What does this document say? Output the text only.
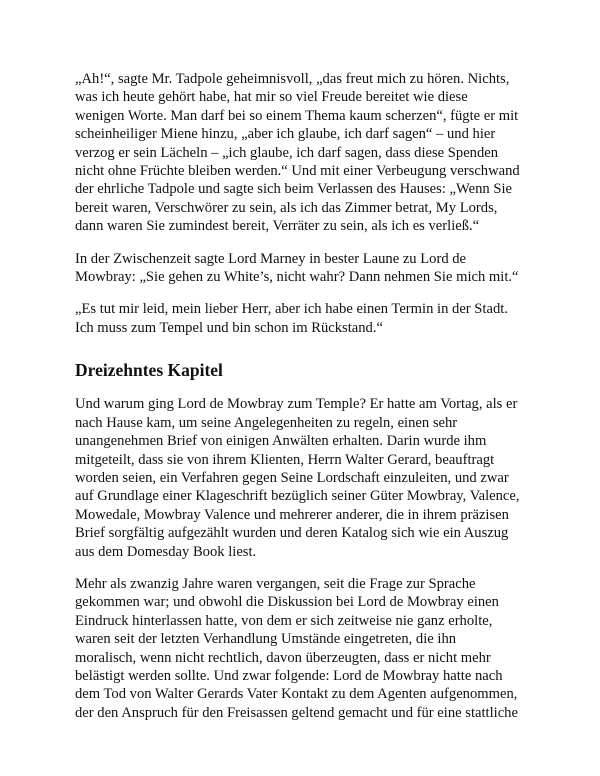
„Ah!“, sagte Mr. Tadpole geheimnisvoll, „das freut mich zu hören. Nichts,
was ich heute gehört habe, hat mir so viel Freude bereitet wie diese
wenigen Worte. Man darf bei so einem Thema kaum scherzen“, fügte er mit
scheinheiliger Miene hinzu, „aber ich glaube, ich darf sagen“ – und hier
verzog er sein Lächeln – „ich glaube, ich darf sagen, dass diese Spenden
nicht ohne Früchte bleiben werden.“ Und mit einer Verbeugung verschwand
der ehrliche Tadpole und sagte sich beim Verlassen des Hauses: „Wenn Sie
bereit waren, Verschwörer zu sein, als ich das Zimmer betrat, My Lords,
dann waren Sie zumindest bereit, Verräter zu sein, als ich es verließ.“

In der Zwischenzeit sagte Lord Marney in bester Laune zu Lord de
Mowbray: „Sie gehen zu White’s, nicht wahr? Dann nehmen Sie mich mit.“

„Es tut mir leid, mein lieber Herr, aber ich habe einen Termin in der Stadt.
Ich muss zum Tempel und bin schon im Rückstand.“

Dreizehntes Kapitel

Und warum ging Lord de Mowbray zum Temple? Er hatte am Vortag, als er
nach Hause kam, um seine Angelegenheiten zu regeln, einen sehr
unangenehmen Brief von einigen Anwälten erhalten. Darin wurde ihm
mitgeteilt, dass sie von ihrem Klienten, Herrn Walter Gerard, beauftragt
worden seien, ein Verfahren gegen Seine Lordschaft einzuleiten, und zwar
auf Grundlage einer Klageschrift bezüglich seiner Güter Mowbray, Valence,
Mowedale, Mowbray Valence und mehrerer anderer, die in ihrem präzisen
Brief sorgfältig aufgezählt wurden und deren Katalog sich wie ein Auszug
aus dem Domesday Book liest.

Mehr als zwanzig Jahre waren vergangen, seit die Frage zur Sprache
gekommen war; und obwohl die Diskussion bei Lord de Mowbray einen
Eindruck hinterlassen hatte, von dem er sich zeitweise nie ganz erholte,
waren seit der letzten Verhandlung Umstände eingetreten, die ihn
moralisch, wenn nicht rechtlich, davon überzeugten, dass er nicht mehr
belästigt werden sollte. Und zwar folgende: Lord de Mowbray hatte nach
dem Tod von Walter Gerards Vater Kontakt zu dem Agenten aufgenommen,
der den Anspruch für den Freisassen geltend gemacht und für eine stattliche
